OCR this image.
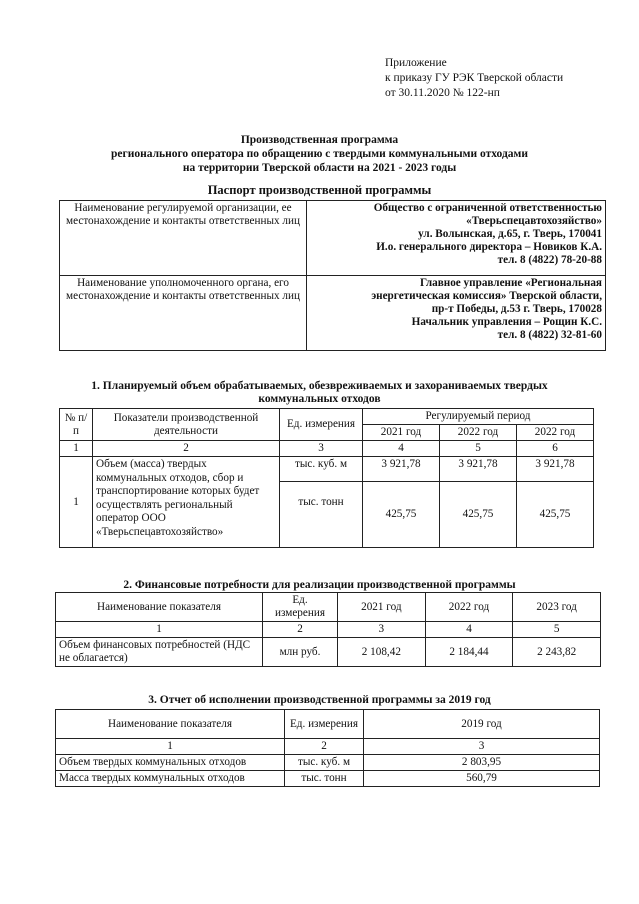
Приложение
к приказу ГУ РЭК Тверской области
от 30.11.2020 № 122-нп
Производственная программа
регионального оператора по обращению с твердыми коммунальными отходами
на территории Тверской области на 2021 - 2023 годы
Паспорт производственной программы
Наименование регулируемой организации, ее местонахождение и контакты ответственных лиц	Общество с ограниченной ответственностью
«Тверьспецавтохозяйство»
ул. Волынская, д.65, г. Тверь, 170041
И.о. генерального директора – Новиков К.А.
тел. 8 (4822) 78-20-88

Наименование уполномоченного органа, его местонахождение и контакты ответственных лиц	Главное управление «Региональная
энергетическая комиссия» Тверской области,
пр-т Победы, д.53 г. Тверь, 170028
Начальник управления – Рощин К.С.
тел. 8 (4822) 32-81-60
1. Планируемый объем обрабатываемых, обезвреживаемых и захораниваемых твердых коммунальных отходов
№ п/п	Показатели производственной деятельности	Ед. измерения	Регулируемый период		
			2021 год	2022 год	2022 год
1	2	3	4	5	6
1	Объем (масса) твердых коммунальных отходов, сбор и транспортирование которых будет осуществлять региональный оператор ООО «Тверьспецавтохозяйство»	тыс. куб. м	3 921,78	3 921,78	3 921,78
		тыс. тонн	425,75	425,75	425,75
2. Финансовые потребности для реализации производственной программы
Наименование показателя	Ед. измерения	2021 год	2022 год	2023 год
1	2	3	4	5
Объем финансовых потребностей (НДС не облагается)	млн руб.	2 108,42	2 184,44	2 243,82
3. Отчет об исполнении производственной программы за 2019 год
Наименование показателя	Ед. измерения	2019 год
1	2	3
Объем твердых коммунальных отходов	тыс. куб. м	2 803,95
Масса твердых коммунальных отходов	тыс. тонн	560,79
